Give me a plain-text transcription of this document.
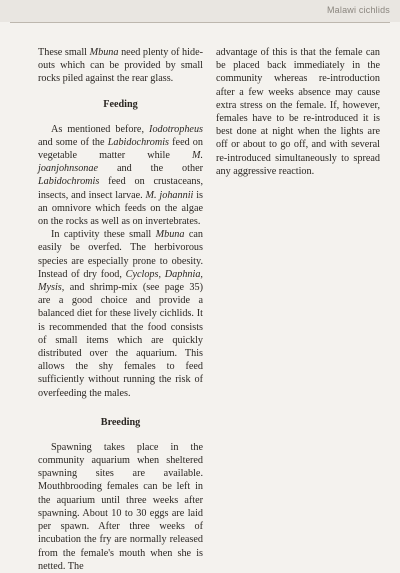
Malawi cichlids

These small Mbuna need plenty of hide-outs which can be provided by small rocks piled against the rear glass.

Feeding

As mentioned before, Iodotropheus and some of the Labidochromis feed on vegetable matter while M. joanjohnsonae and the other Labidochromis feed on crustaceans, insects, and insect larvae. M. johannii is an omnivore which feeds on the algae on the rocks as well as on invertebrates.

In captivity these small Mbuna can easily be overfed. The herbivorous species are especially prone to obesity. Instead of dry food, Cyclops, Daphnia, Mysis, and shrimp-mix (see page 35) are a good choice and provide a balanced diet for these lively cichlids. It is recommended that the food consists of small items which are quickly distributed over the aquarium. This allows the shy females to feed sufficiently without running the risk of overfeeding the males.

Breeding

Spawning takes place in the community aquarium when sheltered spawning sites are available. Mouthbrooding females can be left in the aquarium until three weeks after spawning. About 10 to 30 eggs are laid per spawn. After three weeks of incubation the fry are normally released from the female's mouth when she is netted. The

advantage of this is that the female can be placed back immediately in the community whereas re-introduction after a few weeks absence may cause extra stress on the female. If, however, females have to be re-introduced it is best done at night when the lights are off or about to go off, and with several re-introduced simultaneously to spread any aggressive reaction.
